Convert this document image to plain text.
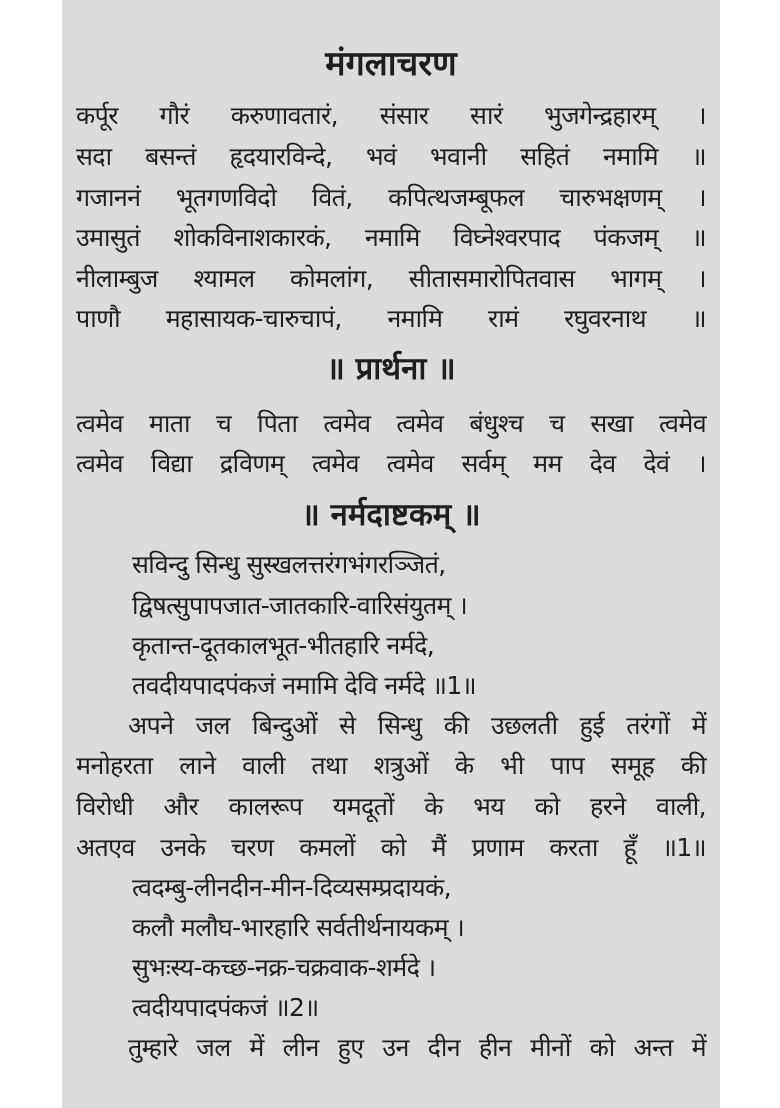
मंगलाचरण
कर्पूर गौरं करुणावतारं, संसार सारं भुजगेन्द्रहारम् ।
सदा बसन्तं हृदयारविन्दे, भवं भवानी सहितं नमामि ॥
गजाननं भूतगणविदो वितं, कपित्थजम्बूफल चारुभक्षणम् ।
उमासुतं शोकविनाशकारकं, नमामि विघ्नेश्वरपाद पंकजम् ॥
नीलाम्बुज श्यामल कोमलांग, सीतासमारोपितवास भागम् ।
पाणौ महासायक-चारुचापं, नमामि रामं रघुवरनाथ ॥
॥ प्रार्थना ॥
त्वमेव माता च पिता त्वमेव त्वमेव बंधुश्च च सखा त्वमेव
त्वमेव विद्या द्रविणम् त्वमेव त्वमेव सर्वम् मम देव देवं ।
॥ नर्मदाष्टकम् ॥
सविन्दु सिन्धु सुस्खलत्तरंगभंगरञ्जितं,
द्विषत्सुपापजात-जातकारि-वारिसंयुतम् ।
कृतान्त-दूतकालभूत-भीतहारि नर्मदे,
तवदीयपादपंकजं नमामि देवि नर्मदे ॥1॥
अपने जल बिन्दुओं से सिन्धु की उछलती हुई तरंगों में
मनोहरता लाने वाली तथा शत्रुओं के भी पाप समूह की
विरोधी और कालरूप यमदूतों के भय को हरने वाली,
अतएव उनके चरण कमलों को मैं प्रणाम करता हूँ ॥1॥
त्वदम्बु-लीनदीन-मीन-दिव्यसम्प्रदायकं,
कलौ मलौघ-भारहारि सर्वतीर्थनायकम् ।
सुभःस्य-कच्छ-नक्र-चक्रवाक-शर्मदे ।
त्वदीयपादपंकजं ॥2॥
तुम्हारे जल में लीन हुए उन दीन हीन मीनों को अन्त में
